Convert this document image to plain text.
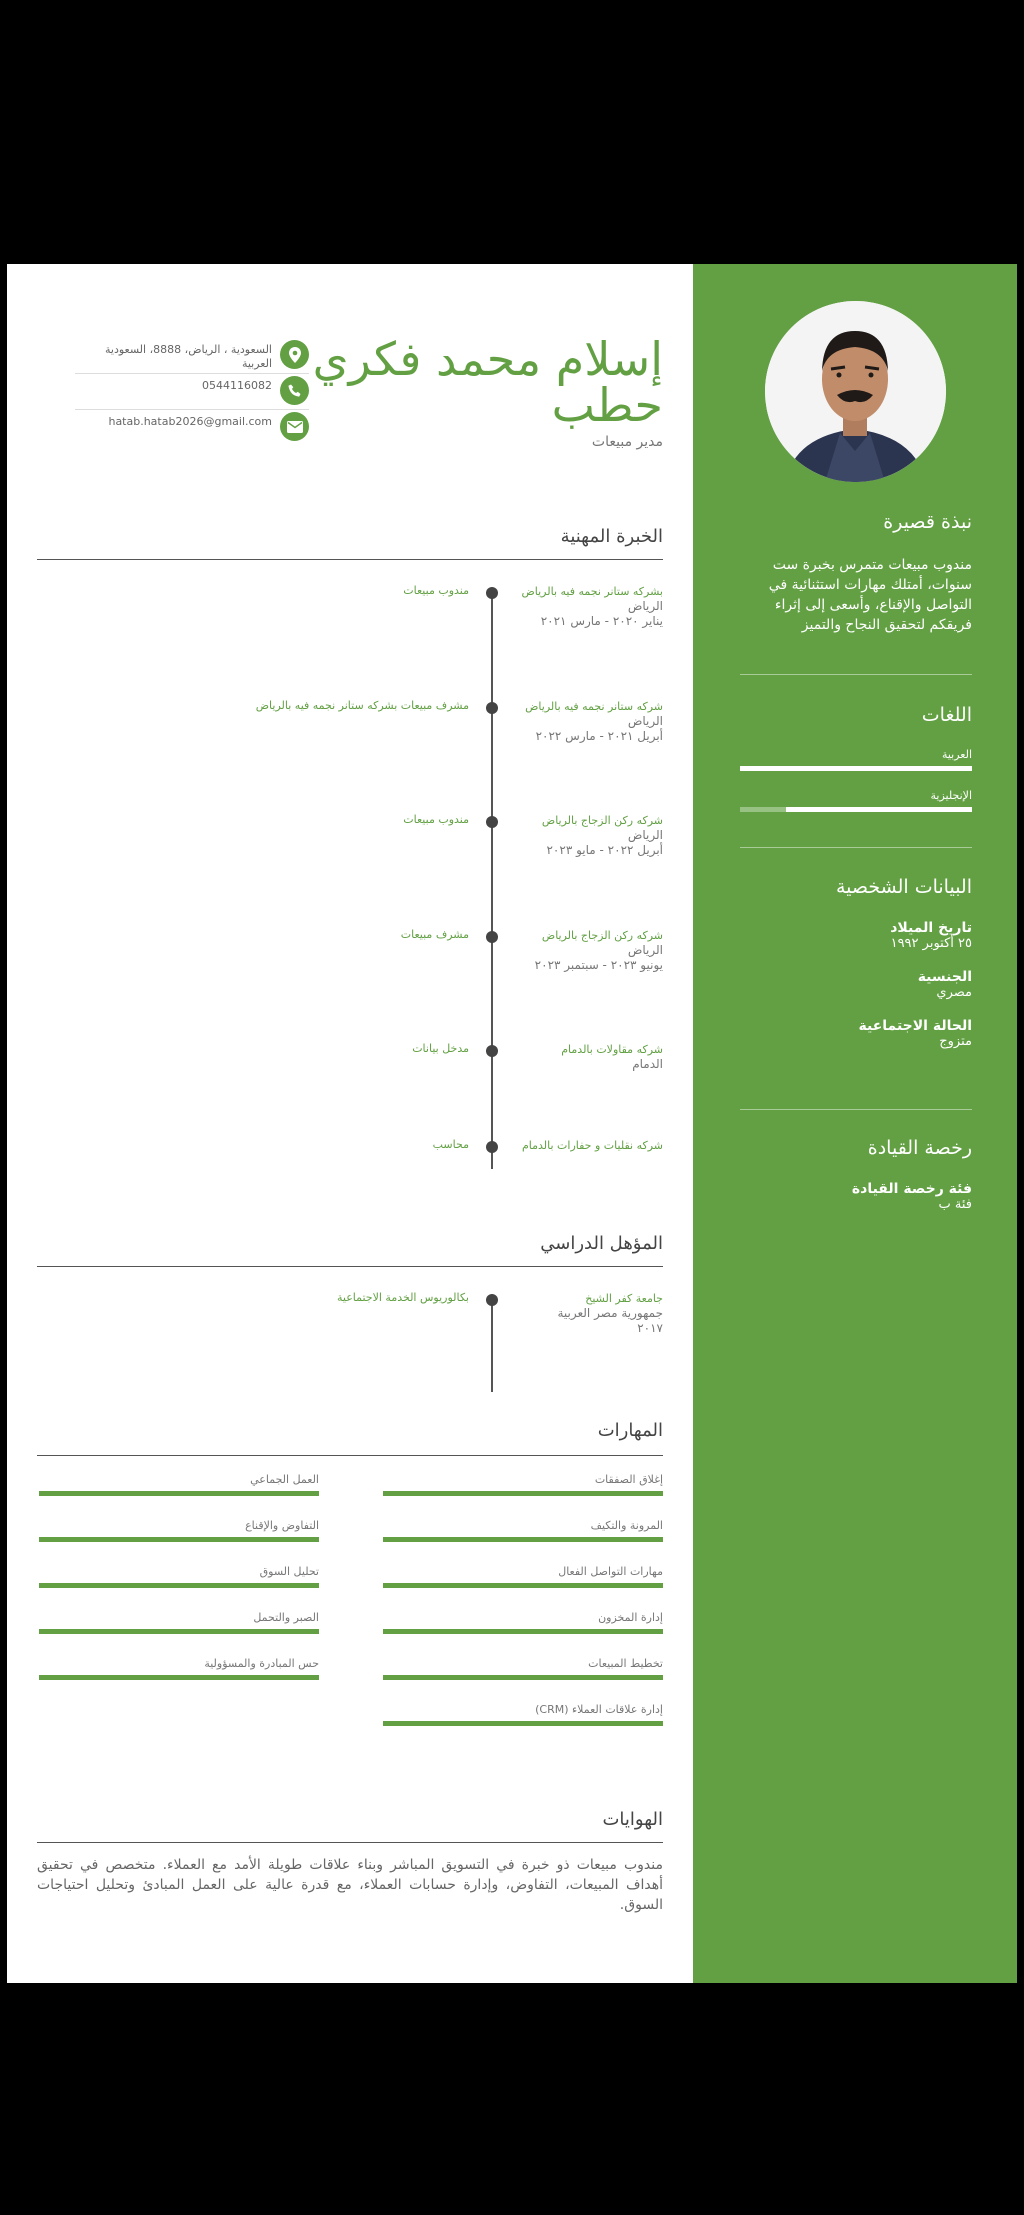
نبذة قصيرة
مندوب مبيعات متمرس بخبرة ست سنوات، أمتلك مهارات استثنائية في التواصل والإقناع، وأسعى إلى إثراء فريقكم لتحقيق النجاح والتميز
اللغات
العربية
الإنجليزية
البيانات الشخصية
تاريخ الميلاد
٢٥ أكتوبر ١٩٩٢
الجنسية
مصري
الحالة الاجتماعية
متزوج
رخصة القيادة
فئة رخصة القيادة
فئة ب
إسلام محمد فكري
حطب
مدير مبيعات
السعودية ، الرياض، 8888، السعودية العربية
0544116082
hatab.hatab2026@gmail.com
الخبرة المهنية
بشركه ستانر نجمه فيه بالرياض
الرياض
يناير ٢٠٢٠ - مارس ٢٠٢١
مندوب مبيعات
شركه ستانر نجمه فيه بالرياض
الرياض
أبريل ٢٠٢١ - مارس ٢٠٢٢
مشرف مبيعات بشركه ستانر نجمه فيه بالرياض
شركه ركن الزجاج بالرياض
الرياض
أبريل ٢٠٢٢ - مايو ٢٠٢٣
مندوب مبيعات
شركه ركن الزجاج بالرياض
الرياض
يونيو ٢٠٢٣ - سبتمبر ٢٠٢٣
مشرف مبيعات
شركه مقاولات بالدمام
الدمام
مدخل بيانات
شركه نقليات و حفارات بالدمام
محاسب
المؤهل الدراسي
جامعة كفر الشيخ
جمهورية مصر العربية
٢٠١٧
بكالوريوس الخدمة الاجتماعية
المهارات
إغلاق الصفقات
المرونة والتكيف
مهارات التواصل الفعال
إدارة المخزون
تخطيط المبيعات
إدارة علاقات العملاء (CRM)
العمل الجماعي
التفاوض والإقناع
تحليل السوق
الصبر والتحمل
حس المبادرة والمسؤولية
الهوايات
مندوب مبيعات ذو خبرة في التسويق المباشر وبناء علاقات طويلة الأمد مع العملاء. متخصص في تحقيق أهداف المبيعات، التفاوض، وإدارة حسابات العملاء، مع قدرة عالية على العمل المبادئ وتحليل احتياجات السوق.
